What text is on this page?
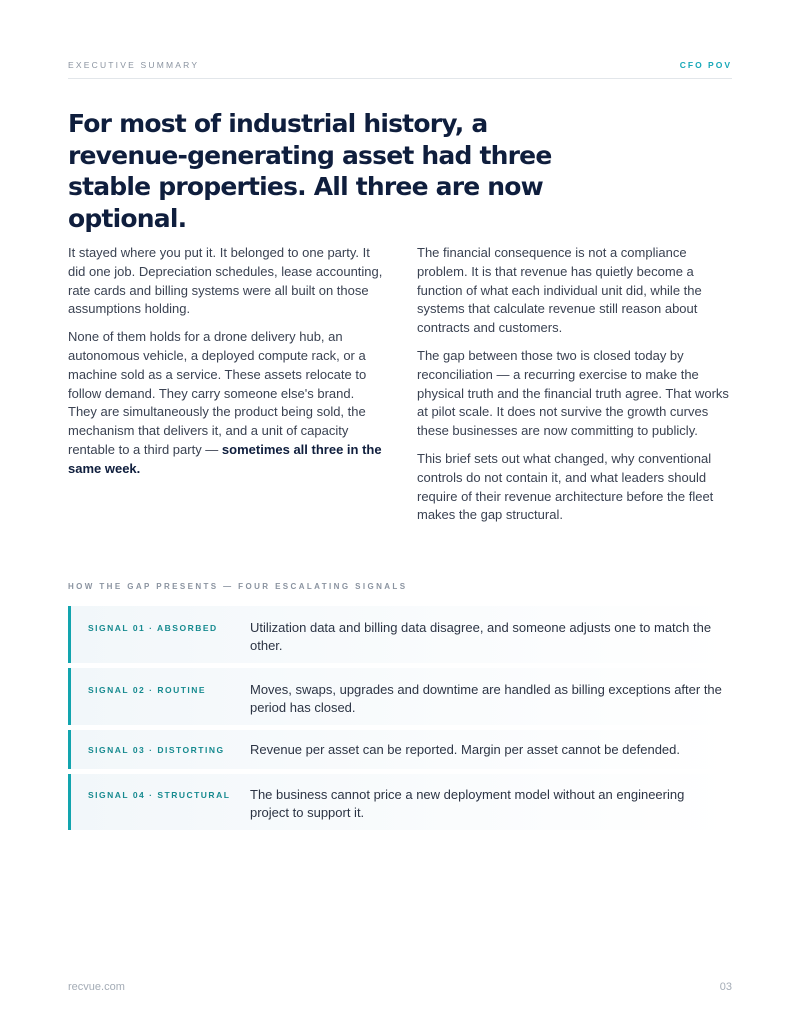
EXECUTIVE SUMMARY	CFO POV
For most of industrial history, a revenue-generating asset had three stable properties. All three are now optional.

It stayed where you put it. It belonged to one party. It did one job. Depreciation schedules, lease accounting, rate cards and billing systems were all built on those assumptions holding.

None of them holds for a drone delivery hub, an autonomous vehicle, a deployed compute rack, or a machine sold as a service. These assets relocate to follow demand. They carry someone else's brand. They are simultaneously the product being sold, the mechanism that delivers it, and a unit of capacity rentable to a third party — sometimes all three in the same week.

The financial consequence is not a compliance problem. It is that revenue has quietly become a function of what each individual unit did, while the systems that calculate revenue still reason about contracts and customers.

The gap between those two is closed today by reconciliation — a recurring exercise to make the physical truth and the financial truth agree. That works at pilot scale. It does not survive the growth curves these businesses are now committing to publicly.

This brief sets out what changed, why conventional controls do not contain it, and what leaders should require of their revenue architecture before the fleet makes the gap structural.

HOW THE GAP PRESENTS — FOUR ESCALATING SIGNALS
SIGNAL 01 · ABSORBED	Utilization data and billing data disagree, and someone adjusts one to match the other.
SIGNAL 02 · ROUTINE	Moves, swaps, upgrades and downtime are handled as billing exceptions after the period has closed.
SIGNAL 03 · DISTORTING	Revenue per asset can be reported. Margin per asset cannot be defended.
SIGNAL 04 · STRUCTURAL	The business cannot price a new deployment model without an engineering project to support it.
recvue.com	03
